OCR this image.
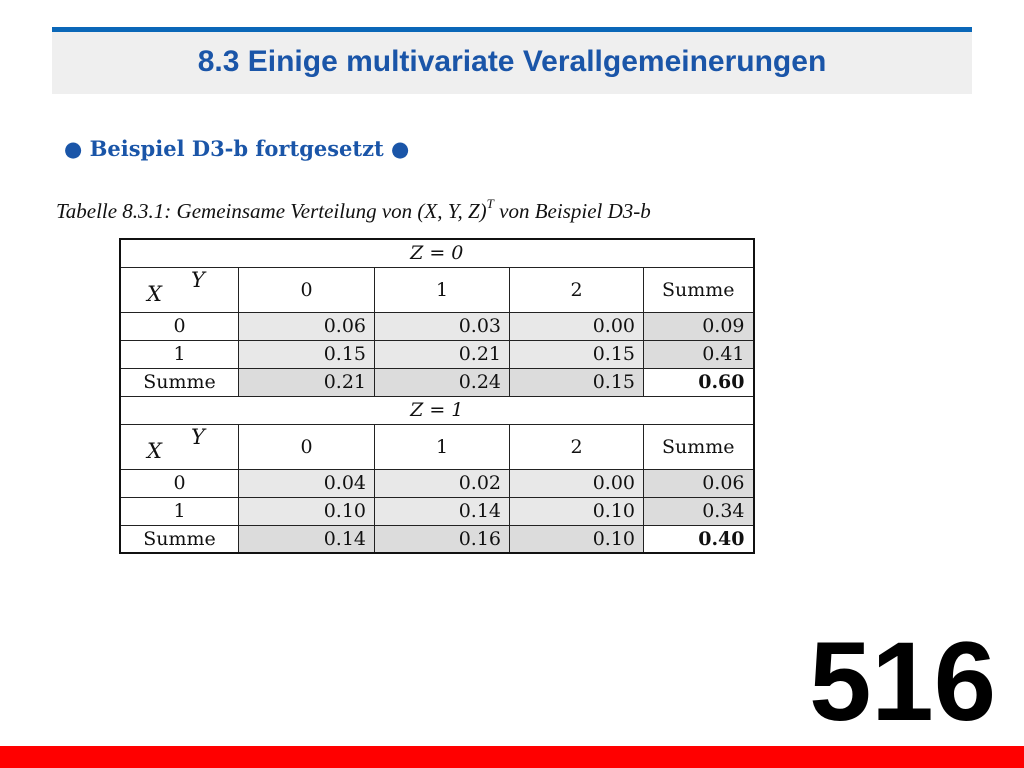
8.3 Einige multivariate Verallgemeinerungen
● Beispiel D3-b fortgesetzt ●
Tabelle 8.3.1: Gemeinsame Verteilung von (X, Y, Z)$^T$ von Beispiel D3-b
Z = 0				

Y
X	0	1	2	Summe
0	0.06	0.03	0.00	0.09
1	0.15	0.21	0.15	0.41
Summe	0.21	0.24	0.15	0.60
Z = 1				

Y
X	0	1	2	Summe
0	0.04	0.02	0.00	0.06
1	0.10	0.14	0.10	0.34
Summe	0.14	0.16	0.10	0.40
516
